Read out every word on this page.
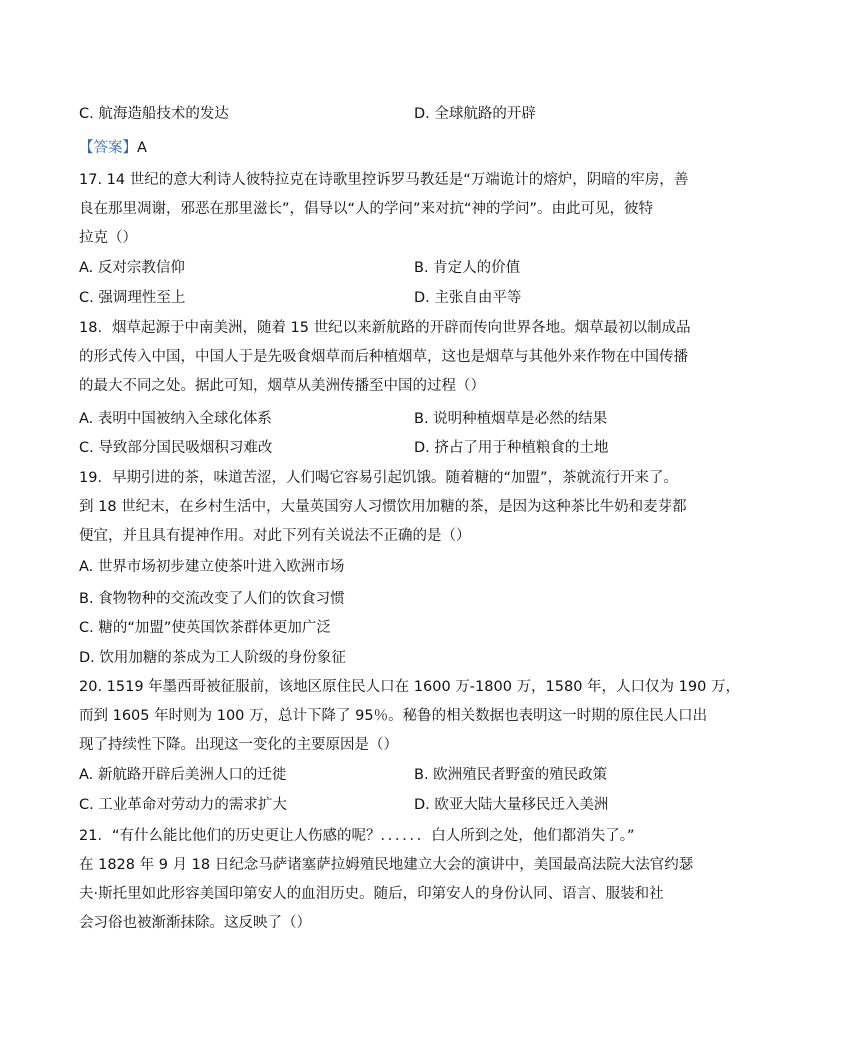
C. 航海造船技术的发达	D. 全球航路的开辟
【答案】A
17. 14 世纪的意大利诗人彼特拉克在诗歌里控诉罗马教廷是“万端诡计的熔炉，阴暗的牢房，善
良在那里凋谢，邪恶在那里滋长”，倡导以“人的学问”来对抗“神的学问”。由此可见，彼特
拉克（）
A. 反对宗教信仰	B. 肯定人的价值
C. 强调理性至上	D. 主张自由平等
18．烟草起源于中南美洲，随着 15 世纪以来新航路的开辟而传向世界各地。烟草最初以制成品
的形式传入中国，中国人于是先吸食烟草而后种植烟草，这也是烟草与其他外来作物在中国传播
的最大不同之处。据此可知，烟草从美洲传播至中国的过程（）
A. 表明中国被纳入全球化体系	B. 说明种植烟草是必然的结果
C. 导致部分国民吸烟积习难改	D. 挤占了用于种植粮食的土地
19．早期引进的茶，味道苦涩，人们喝它容易引起饥饿。随着糖的“加盟”，茶就流行开来了。
到 18 世纪末，在乡村生活中，大量英国穷人习惯饮用加糖的茶，是因为这种茶比牛奶和麦芽都
便宜，并且具有提神作用。对此下列有关说法不正确的是（）
A. 世界市场初步建立使茶叶进入欧洲市场
B. 食物物种的交流改变了人们的饮食习惯
C. 糖的“加盟”使英国饮茶群体更加广泛
D. 饮用加糖的茶成为工人阶级的身份象征
20. 1519 年墨西哥被征服前，该地区原住民人口在 1600 万-1800 万，1580 年，人口仅为 190 万，
而到 1605 年时则为 100 万，总计下降了 95％。秘鲁的相关数据也表明这一时期的原住民人口出
现了持续性下降。出现这一变化的主要原因是（）
A. 新航路开辟后美洲人口的迁徙	B. 欧洲殖民者野蛮的殖民政策
C. 工业革命对劳动力的需求扩大	D. 欧亚大陆大量移民迁入美洲
21．“有什么能比他们的历史更让人伤感的呢？．．．．．．白人所到之处，他们都消失了。”
在 1828 年 9 月 18 日纪念马萨诸塞萨拉姆殖民地建立大会的演讲中，美国最高法院大法官约瑟
夫·斯托里如此形容美国印第安人的血泪历史。随后，印第安人的身份认同、语言、服装和社
会习俗也被渐渐抹除。这反映了（）
